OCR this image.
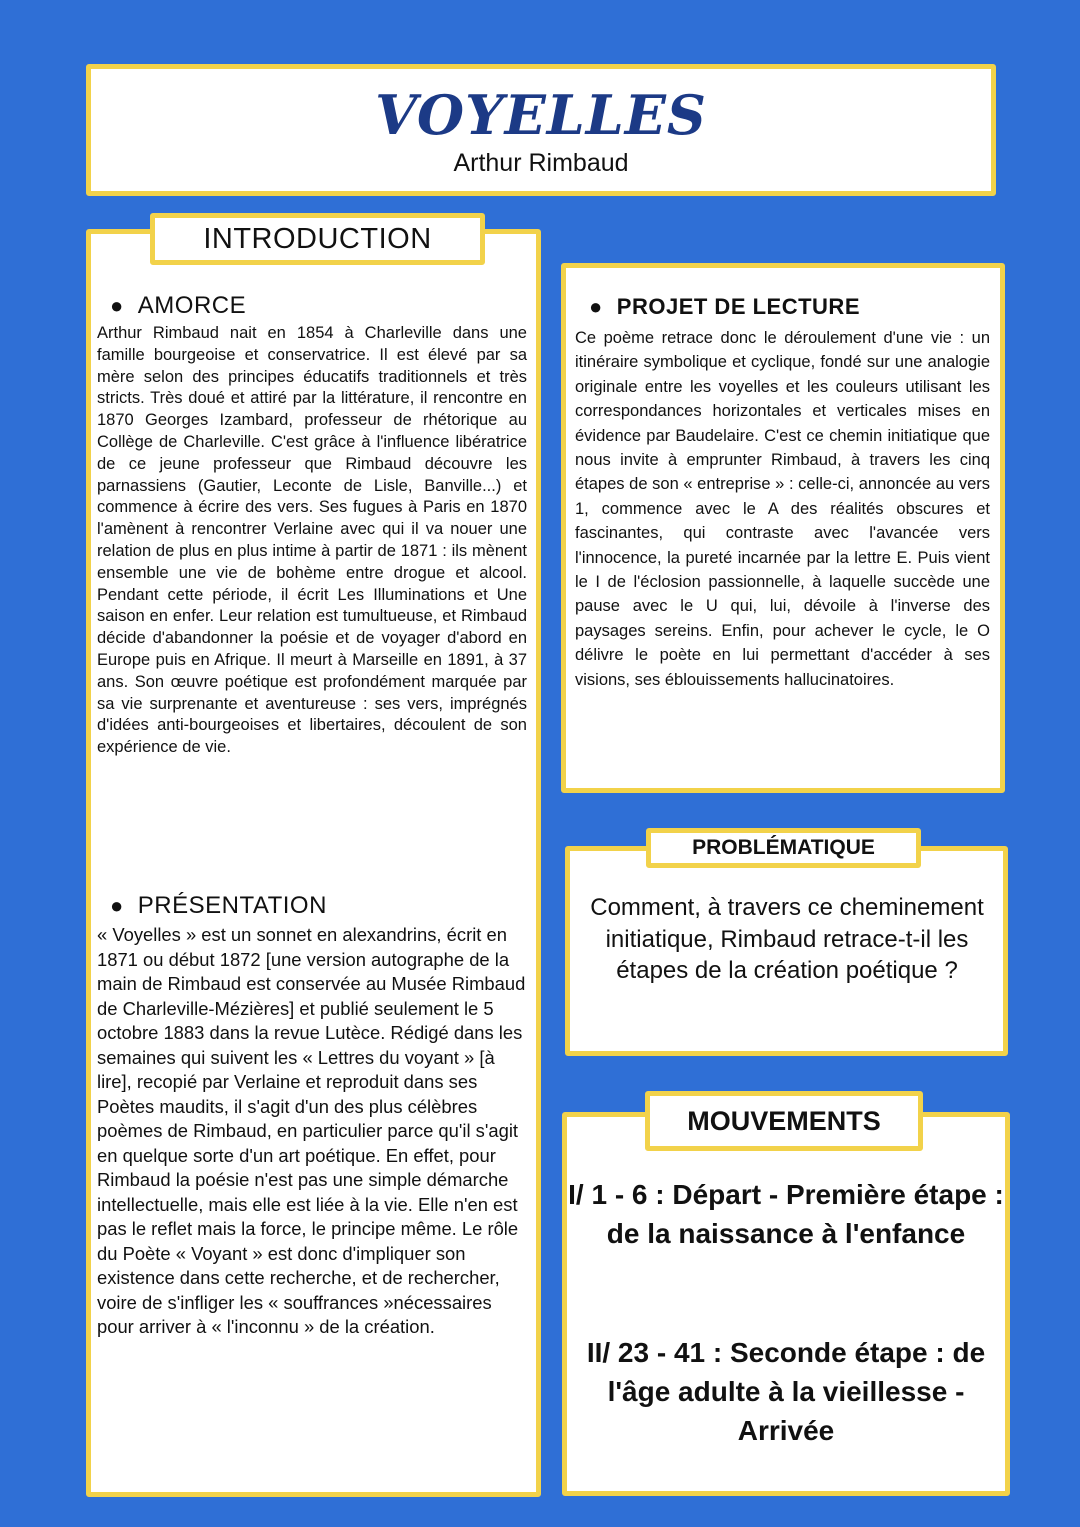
VOYELLES
Arthur Rimbaud
INTRODUCTION
● AMORCE
Arthur Rimbaud nait en 1854 à Charleville dans une famille bourgeoise et conservatrice. Il est élevé par sa mère selon des principes éducatifs traditionnels et très stricts. Très doué et attiré par la littérature, il rencontre en 1870 Georges Izambard, professeur de rhétorique au Collège de Charleville. C'est grâce à l'influence libératrice de ce jeune professeur que Rimbaud découvre les parnassiens (Gautier, Leconte de Lisle, Banville...) et commence à écrire des vers. Ses fugues à Paris en 1870 l'amènent à rencontrer Verlaine avec qui il va nouer une relation de plus en plus intime à partir de 1871 : ils mènent ensemble une vie de bohème entre drogue et alcool. Pendant cette période, il écrit Les Illuminations et Une saison en enfer. Leur relation est tumultueuse, et Rimbaud décide d'abandonner la poésie et de voyager d'abord en Europe puis en Afrique. Il meurt à Marseille en 1891, à 37 ans. Son œuvre poétique est profondément marquée par sa vie surprenante et aventureuse : ses vers, imprégnés d'idées anti-bourgeoises et libertaires, découlent de son expérience de vie.
● PRÉSENTATION
« Voyelles » est un sonnet en alexandrins, écrit en 1871 ou début 1872 [une version autographe de la main de Rimbaud est conservée au Musée Rimbaud de Charleville-Mézières] et publié seulement le 5 octobre 1883 dans la revue Lutèce. Rédigé dans les semaines qui suivent les « Lettres du voyant » [à lire], recopié par Verlaine et reproduit dans ses Poètes maudits, il s'agit d'un des plus célèbres poèmes de Rimbaud, en particulier parce qu'il s'agit en quelque sorte d'un art poétique. En effet, pour Rimbaud la poésie n'est pas une simple démarche intellectuelle, mais elle est liée à la vie. Elle n'en est pas le reflet mais la force, le principe même. Le rôle du Poète « Voyant » est donc d'impliquer son existence dans cette recherche, et de rechercher, voire de s'infliger les « souffrances »nécessaires pour arriver à « l'inconnu » de la création.
● PROJET DE LECTURE
Ce poème retrace donc le déroulement d'une vie : un itinéraire symbolique et cyclique, fondé sur une analogie originale entre les voyelles et les couleurs utilisant les correspondances horizontales et verticales mises en évidence par Baudelaire. C'est ce chemin initiatique que nous invite à emprunter Rimbaud, à travers les cinq étapes de son « entreprise » : celle-ci, annoncée au vers 1, commence avec le A des réalités obscures et fascinantes, qui contraste avec l'avancée vers l'innocence, la pureté incarnée par la lettre E. Puis vient le I de l'éclosion passionnelle, à laquelle succède une pause avec le U qui, lui, dévoile à l'inverse des paysages sereins. Enfin, pour achever le cycle, le O délivre le poète en lui permettant d'accéder à ses visions, ses éblouissements hallucinatoires.
PROBLÉMATIQUE
Comment, à travers ce cheminement initiatique, Rimbaud retrace-t-il les étapes de la création poétique ?
MOUVEMENTS
I/ 1 - 6 : Départ - Première étape : de la naissance à l'enfance
II/ 23 - 41 : Seconde étape : de l'âge adulte à la vieillesse - Arrivée
